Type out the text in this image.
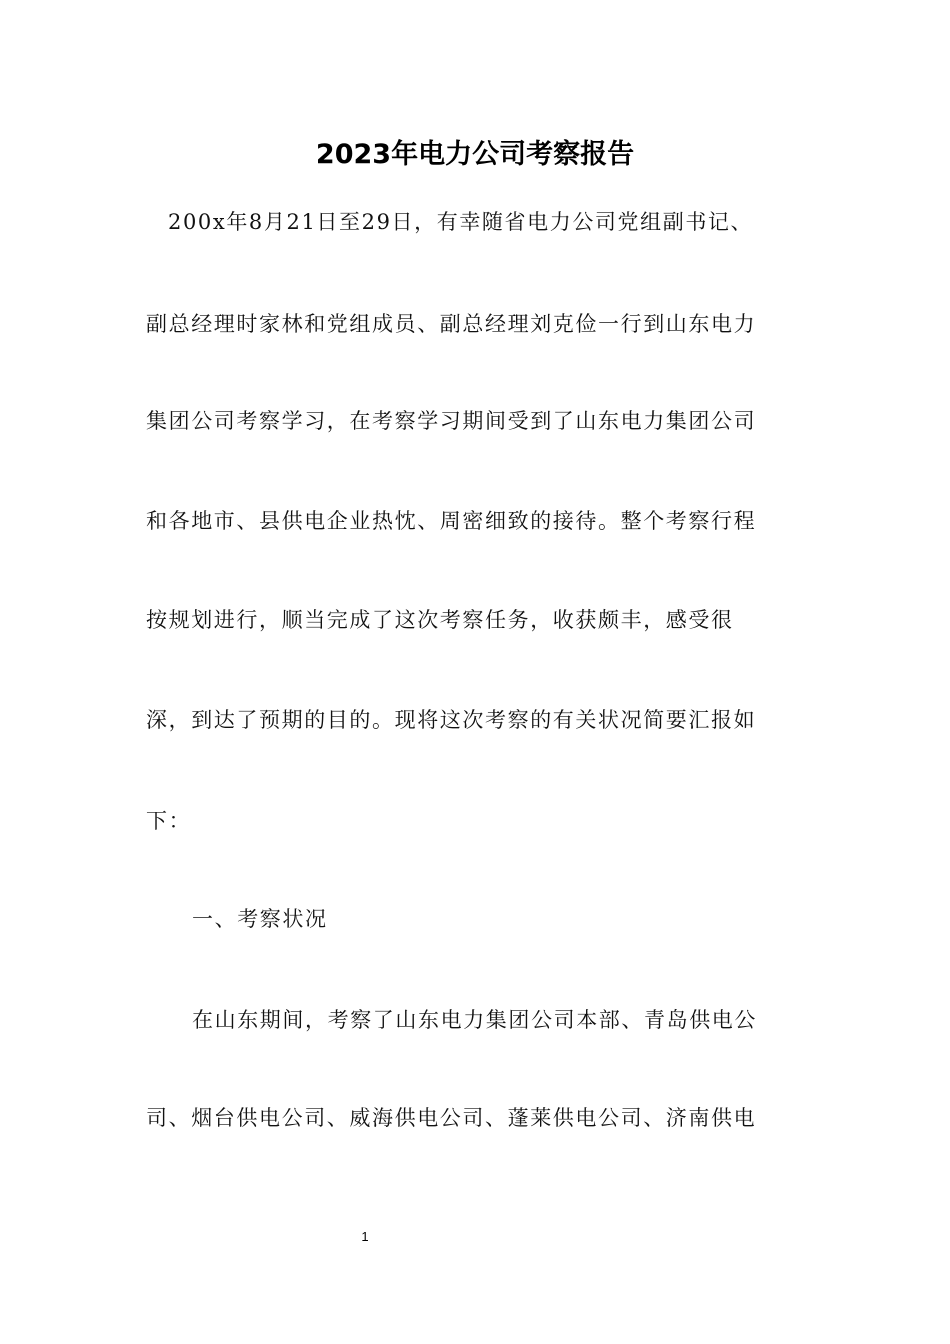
2023年电力公司考察报告
200x年8月21日至29日，有幸随省电力公司党组副书记、
副总经理时家林和党组成员、副总经理刘克俭一行到山东电力
集团公司考察学习，在考察学习期间受到了山东电力集团公司
和各地市、县供电企业热忱、周密细致的接待。整个考察行程
按规划进行，顺当完成了这次考察任务，收获颇丰，感受很
深，到达了预期的目的。现将这次考察的有关状况简要汇报如
下：
一、考察状况
在山东期间，考察了山东电力集团公司本部、青岛供电公
司、烟台供电公司、威海供电公司、蓬莱供电公司、济南供电
1
